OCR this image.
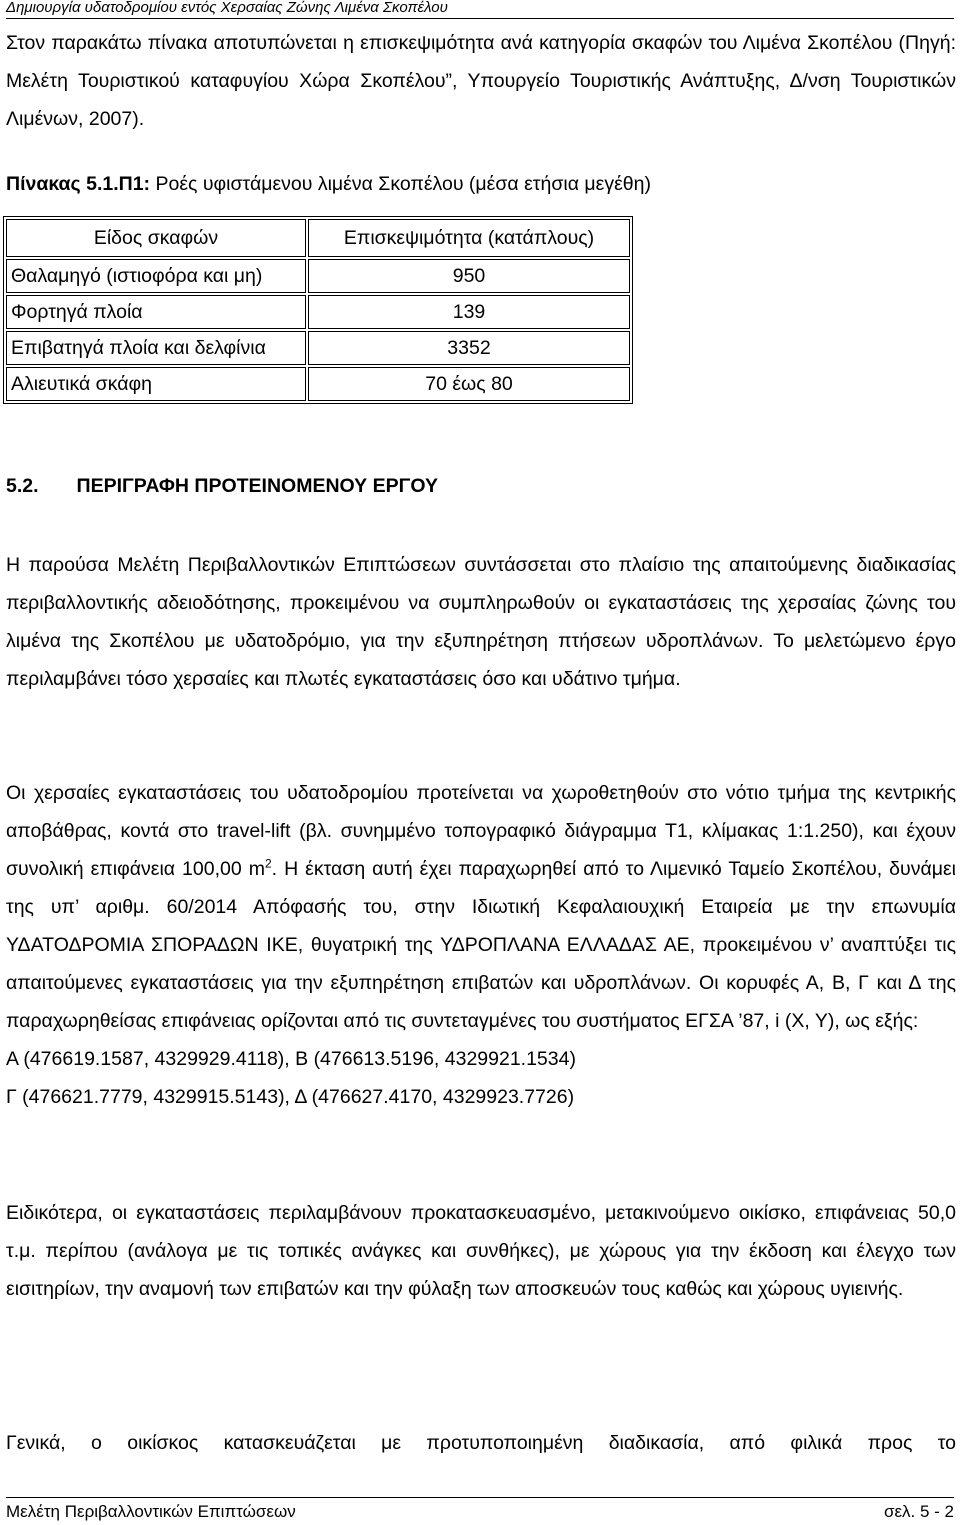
Δημιουργία υδατοδρομίου εντός Χερσαίας Ζώνης Λιμένα Σκοπέλου

Στον παρακάτω πίνακα αποτυπώνεται η επισκεψιμότητα ανά κατηγορία σκαφών του Λιμένα Σκοπέλου (Πηγή: Μελέτη Τουριστικού καταφυγίου Χώρα Σκοπέλου”, Υπουργείο Τουριστικής Ανάπτυξης, Δ/νση Τουριστικών Λιμένων, 2007).

Πίνακας 5.1.Π1: Ροές υφιστάμενου λιμένα Σκοπέλου (μέσα ετήσια μεγέθη)
Είδος σκαφών	Επισκεψιμότητα (κατάπλους)
Θαλαμηγό (ιστιοφόρα και μη)	950
Φορτηγά πλοία	139
Επιβατηγά πλοία και δελφίνια	3352
Αλιευτικά σκάφη	70 έως 80
5.2. ΠΕΡΙΓΡΑΦΗ ΠΡΟΤΕΙΝΟΜΕΝΟΥ ΕΡΓΟΥ

Η παρούσα Μελέτη Περιβαλλοντικών Επιπτώσεων συντάσσεται στο πλαίσιο της απαιτούμενης διαδικασίας περιβαλλοντικής αδειοδότησης, προκειμένου να συμπληρωθούν οι εγκαταστάσεις της χερσαίας ζώνης του λιμένα της Σκοπέλου με υδατοδρόμιο, για την εξυπηρέτηση πτήσεων υδροπλάνων. Το μελετώμενο έργο περιλαμβάνει τόσο χερσαίες και πλωτές εγκαταστάσεις όσο και υδάτινο τμήμα.

Οι χερσαίες εγκαταστάσεις του υδατοδρομίου προτείνεται να χωροθετηθούν στο νότιο τμήμα της κεντρικής αποβάθρας, κοντά στο travel-lift (βλ. συνημμένο τοπογραφικό διάγραμμα Τ1, κλίμακας 1:1.250), και έχουν συνολική επιφάνεια 100,00 $m^2$. Η έκταση αυτή έχει παραχωρηθεί από το Λιμενικό Ταμείο Σκοπέλου, δυνάμει της υπ’ αριθμ. 60/2014 Απόφασής του, στην Ιδιωτική Κεφαλαιουχική Εταιρεία με την επωνυμία ΥΔΑΤΟΔΡΟΜΙΑ ΣΠΟΡΑΔΩΝ ΙΚΕ, θυγατρική της ΥΔΡΟΠΛΑΝΑ ΕΛΛΑΔΑΣ ΑΕ, προκειμένου ν’ αναπτύξει τις απαιτούμενες εγκαταστάσεις για την εξυπηρέτηση επιβατών και υδροπλάνων. Οι κορυφές Α, Β, Γ και Δ της παραχωρηθείσας επιφάνειας ορίζονται από τις συντεταγμένες του συστήματος ΕΓΣΑ ’87, i (Χ, Υ), ως εξής:
Α (476619.1587, 4329929.4118), Β (476613.5196, 4329921.1534)
Γ (476621.7779, 4329915.5143), Δ (476627.4170, 4329923.7726)

Ειδικότερα, οι εγκαταστάσεις περιλαμβάνουν προκατασκευασμένο, μετακινούμενο οικίσκο, επιφάνειας 50,0 τ.μ. περίπου (ανάλογα με τις τοπικές ανάγκες και συνθήκες), με χώρους για την έκδοση και έλεγχο των εισιτηρίων, την αναμονή των επιβατών και την φύλαξη των αποσκευών τους καθώς και χώρους υγιεινής.

Γενικά, ο οικίσκος κατασκευάζεται με προτυποποιημένη διαδικασία, από φιλικά προς το

Μελέτη Περιβαλλοντικών Επιπτώσεων	σελ. 5 - 2
